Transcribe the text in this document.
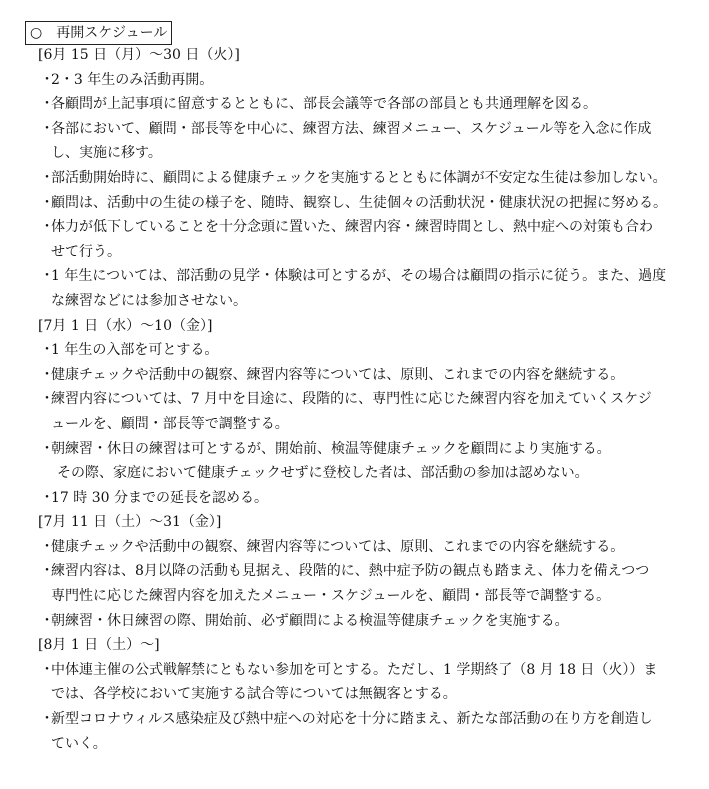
○ 再開スケジュール
[6月 15 日（月）～30 日（火）]
・
2・3 年生のみ活動再開。
・
各顧問が上記事項に留意するとともに、部長会議等で各部の部員とも共通理解を図る。
・
各部において、顧問・部長等を中心に、練習方法、練習メニュー、スケジュール等を入念に作成
し、実施に移す。
・
部活動開始時に、顧問による健康チェックを実施するとともに体調が不安定な生徒は参加しない。
・
顧問は、活動中の生徒の様子を、随時、観察し、生徒個々の活動状況・健康状況の把握に努める。
・
体力が低下していることを十分念頭に置いた、練習内容・練習時間とし、熱中症への対策も合わ
せて行う。
・
1 年生については、部活動の見学・体験は可とするが、その場合は顧問の指示に従う。また、過度
な練習などには参加させない。
[7月 1 日（水）～10（金）]
・
1 年生の入部を可とする。
・
健康チェックや活動中の観察、練習内容等については、原則、これまでの内容を継続する。
・
練習内容については、7 月中を目途に、段階的に、専門性に応じた練習内容を加えていくスケジ
ュールを、顧問・部長等で調整する。
・
朝練習・休日の練習は可とするが、開始前、検温等健康チェックを顧問により実施する。
その際、家庭において健康チェックせずに登校した者は、部活動の参加は認めない。
・
17 時 30 分までの延長を認める。
[7月 11 日（土）～31（金）]
・
健康チェックや活動中の観察、練習内容等については、原則、これまでの内容を継続する。
・
練習内容は、8月以降の活動も見据え、段階的に、熱中症予防の観点も踏まえ、体力を備えつつ
専門性に応じた練習内容を加えたメニュー・スケジュールを、顧問・部長等で調整する。
・
朝練習・休日練習の際、開始前、必ず顧問による検温等健康チェックを実施する。
[8月 1 日（土）～]
・
中体連主催の公式戦解禁にともない参加を可とする。ただし、1 学期終了（8 月 18 日（火））ま
では、各学校において実施する試合等については無観客とする。
・
新型コロナウィルス感染症及び熱中症への対応を十分に踏まえ、新たな部活動の在り方を創造し
ていく。
